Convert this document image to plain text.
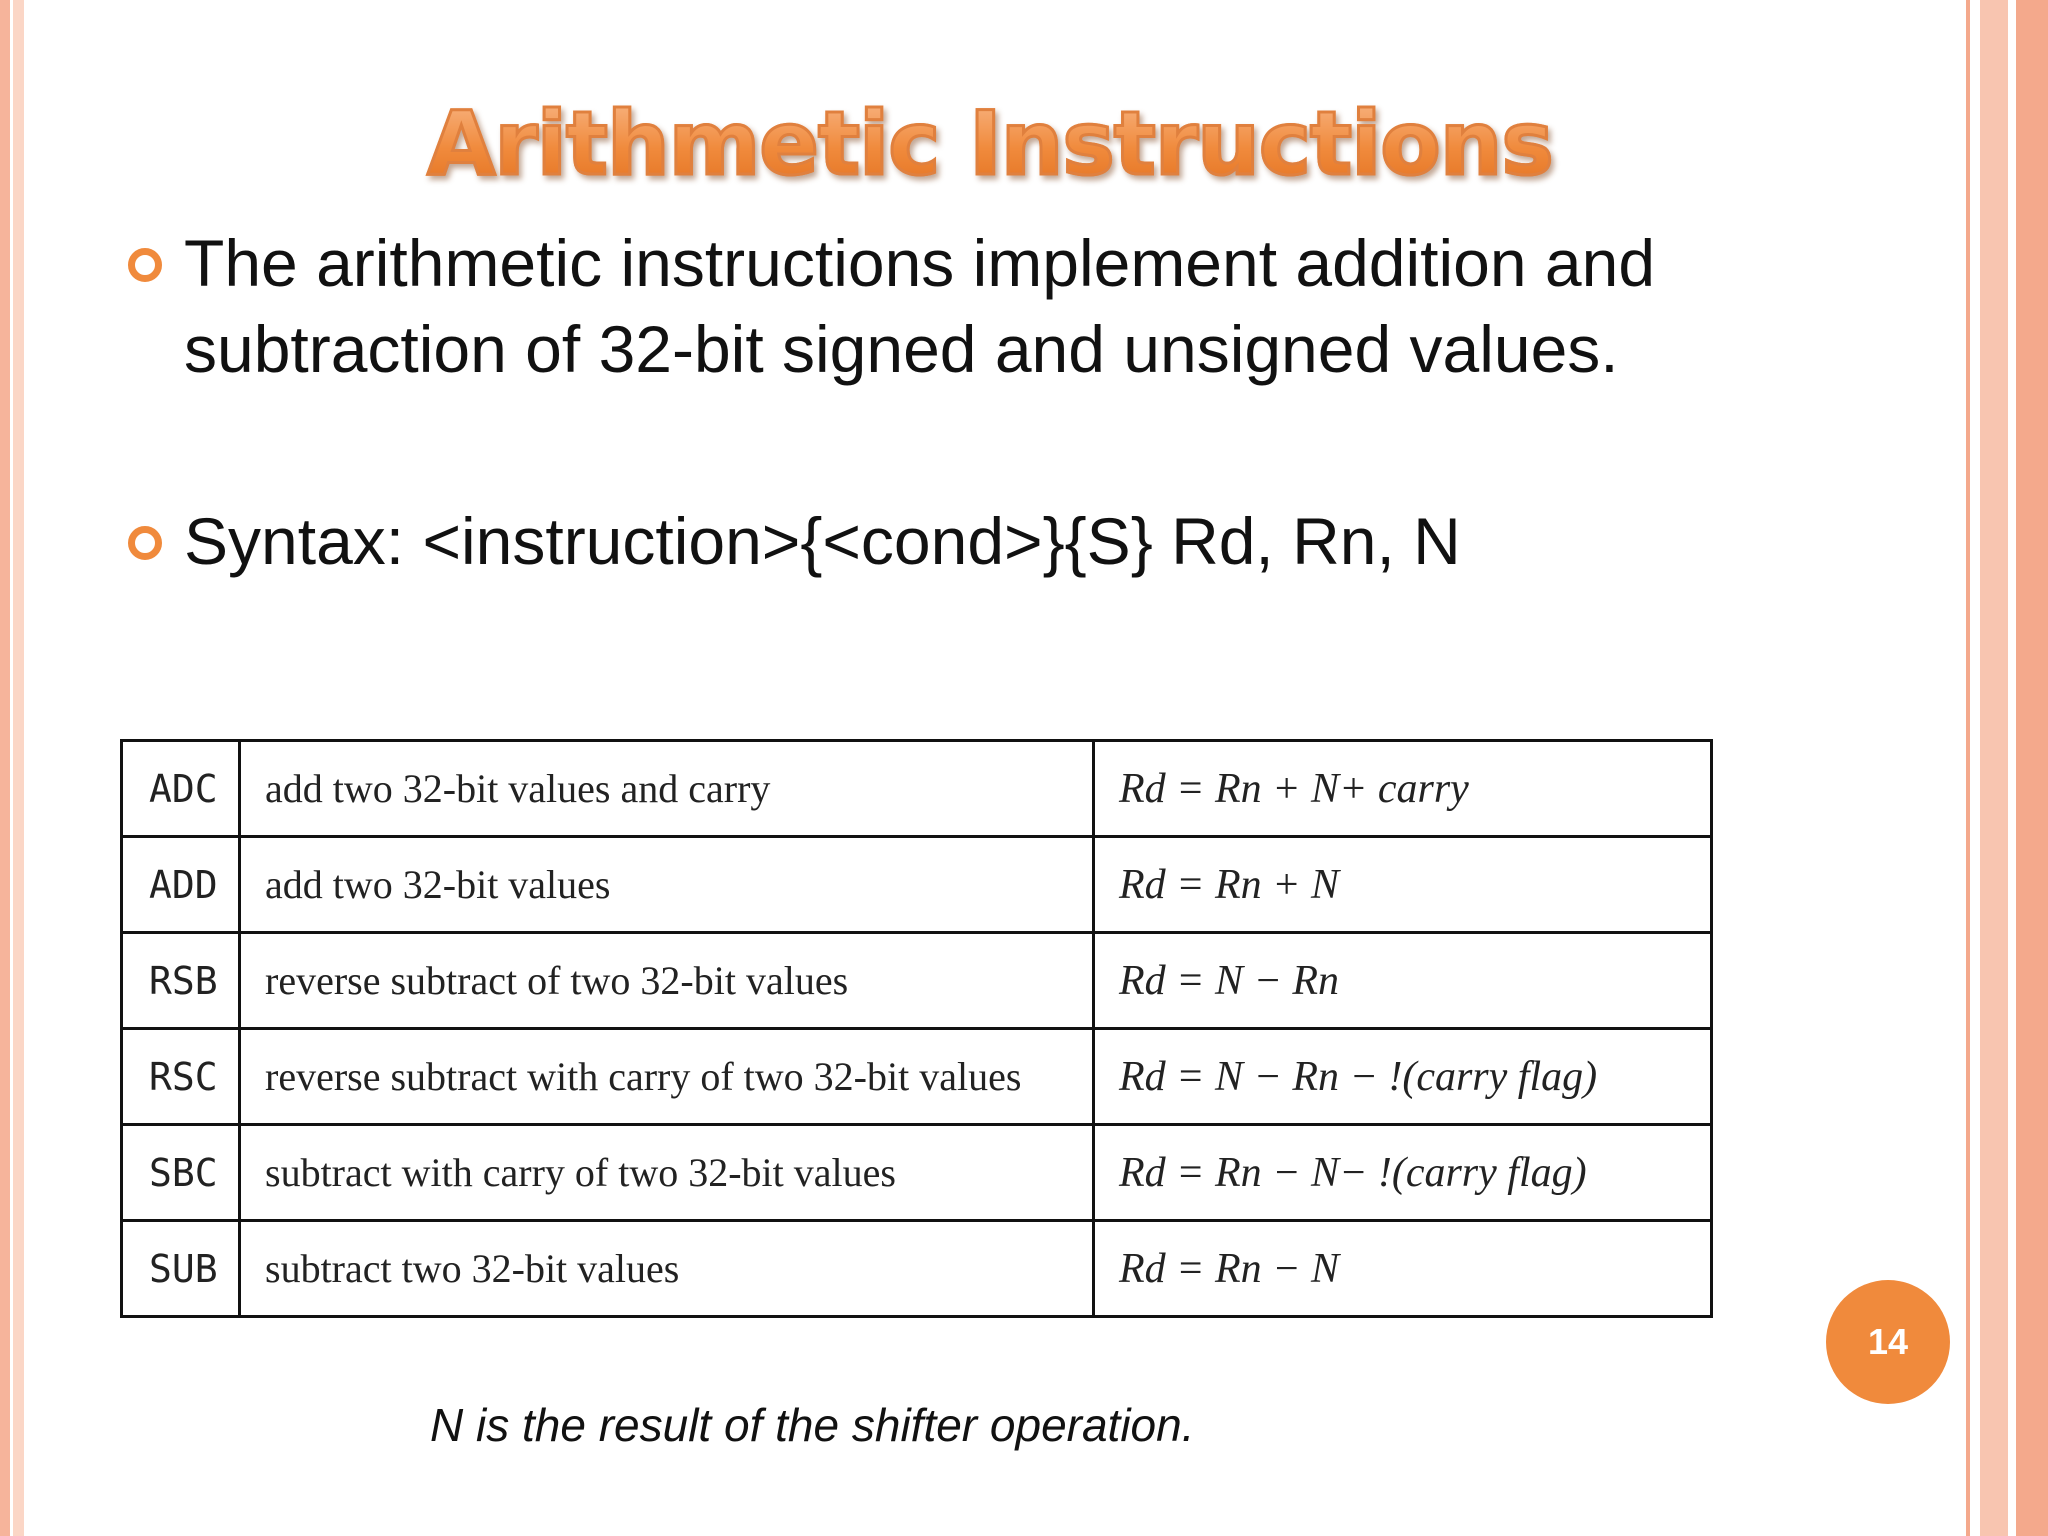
Arithmetic Instructions
The arithmetic instructions implement addition and subtraction of 32-bit signed and unsigned values.
Syntax: <instruction>{<cond>}{S} Rd, Rn, N
ADC	add two 32-bit values and carry	Rd = Rn + N+ carry
ADD	add two 32-bit values	Rd = Rn + N
RSB	reverse subtract of two 32-bit values	Rd = N − Rn
RSC	reverse subtract with carry of two 32-bit values	Rd = N − Rn − !(carry flag)
SBC	subtract with carry of two 32-bit values	Rd = Rn − N− !(carry flag)
SUB	subtract two 32-bit values	Rd = Rn − N
N is the result of the shifter operation.
14
